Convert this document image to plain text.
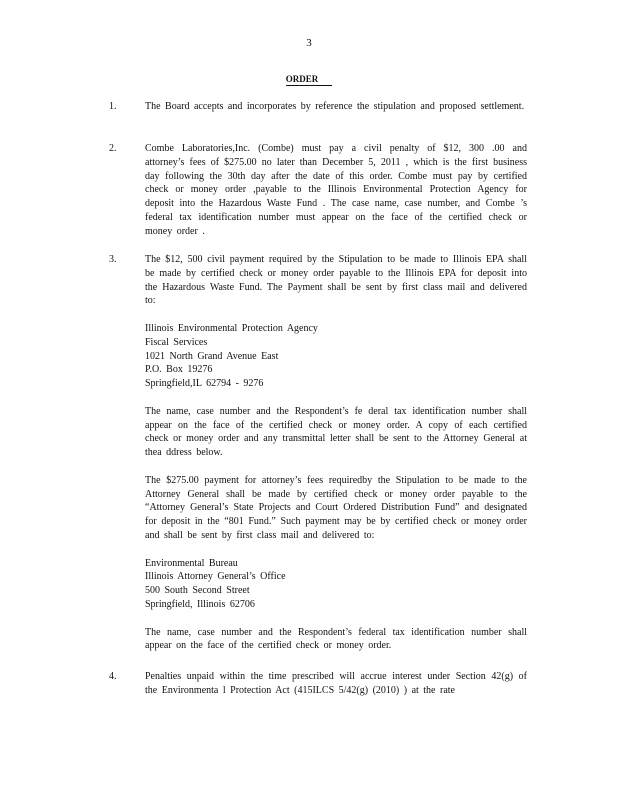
3
ORDER
1.	The Board accepts and incorporates by reference the stipulation and proposed settlement.

2.	Combe Laboratories,Inc. (Combe) must pay a civil penalty of $12, 300 .00 and attorney’s fees of $275.00 no later than December 5, 2011 , which is the first business day following the 30th day after the date of this order. Combe must pay by certified check or money order ,payable to the Illinois Environmental Protection Agency for deposit into the Hazardous Waste Fund . The case name, case number, and Combe ’s federal tax identification number must appear on the face of the certified check or money order .

3.	The $12, 500 civil payment required by the Stipulation to be made to Illinois EPA shall be made by certified check or money order payable to the Illinois EPA for deposit into the Hazardous Waste Fund. The Payment shall be sent by first class mail and delivered to:

Illinois Environmental Protection Agency
Fiscal Services
1021 North Grand Avenue East
P.O. Box 19276
Springfield,IL 62794 - 9276

The name, case number and the Respondent’s fe deral tax identification number shall appear on the face of the certified check or money order. A copy of each certified check or money order and any transmittal letter shall be sent to the Attorney General at thea ddress below.

The $275.00 payment for attorney’s fees requiredby the Stipulation to be made to the Attorney General shall be made by certified check or money order payable to the “Attorney General’s State Projects and Court Ordered Distribution Fund” and designated for deposit in the “801 Fund.” Such payment may be by certified check or money order and shall be sent by first class mail and delivered to:

Environmental Bureau
Illinois Attorney General’s Office
500 South Second Street
Springfield, Illinois 62706

The name, case number and the Respondent’s federal tax identification number shall appear on the face of the certified check or money order.

4.	Penalties unpaid within the time prescribed will accrue interest under Section 42(g) of the Environmenta l Protection Act (415ILCS 5/42(g) (2010) ) at the rate
